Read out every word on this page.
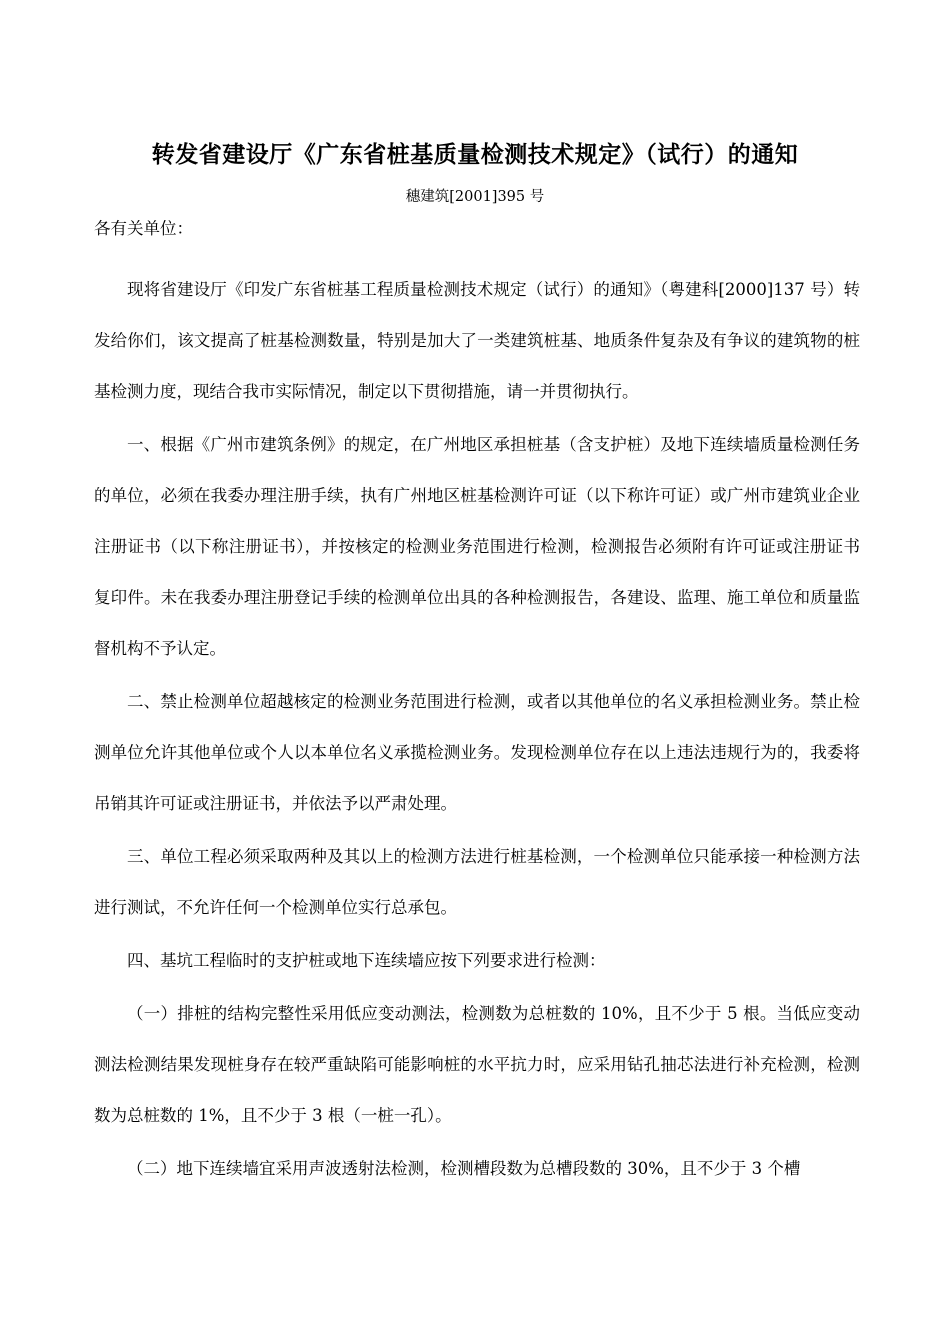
转发省建设厅《广东省桩基质量检测技术规定》（试行）的通知
穗建筑[2001]395 号
各有关单位：

现将省建设厅《印发广东省桩基工程质量检测技术规定（试行）的通知》（粤建科[2000]137 号）转发给你们，该文提高了桩基检测数量，特别是加大了一类建筑桩基、地质条件复杂及有争议的建筑物的桩基检测力度，现结合我市实际情况，制定以下贯彻措施，请一并贯彻执行。

一、根据《广州市建筑条例》的规定，在广州地区承担桩基（含支护桩）及地下连续墙质量检测任务的单位，必须在我委办理注册手续，执有广州地区桩基检测许可证（以下称许可证）或广州市建筑业企业注册证书（以下称注册证书），并按核定的检测业务范围进行检测，检测报告必须附有许可证或注册证书复印件。未在我委办理注册登记手续的检测单位出具的各种检测报告，各建设、监理、施工单位和质量监督机构不予认定。

二、禁止检测单位超越核定的检测业务范围进行检测，或者以其他单位的名义承担检测业务。禁止检测单位允许其他单位或个人以本单位名义承揽检测业务。发现检测单位存在以上违法违规行为的，我委将吊销其许可证或注册证书，并依法予以严肃处理。

三、单位工程必须采取两种及其以上的检测方法进行桩基检测，一个检测单位只能承接一种检测方法进行测试，不允许任何一个检测单位实行总承包。

四、基坑工程临时的支护桩或地下连续墙应按下列要求进行检测：

（一）排桩的结构完整性采用低应变动测法，检测数为总桩数的 10%，且不少于 5 根。当低应变动测法检测结果发现桩身存在较严重缺陷可能影响桩的水平抗力时，应采用钻孔抽芯法进行补充检测，检测数为总桩数的 1%，且不少于 3 根（一桩一孔）。

（二）地下连续墙宜采用声波透射法检测，检测槽段数为总槽段数的 30%，且不少于 3 个槽
